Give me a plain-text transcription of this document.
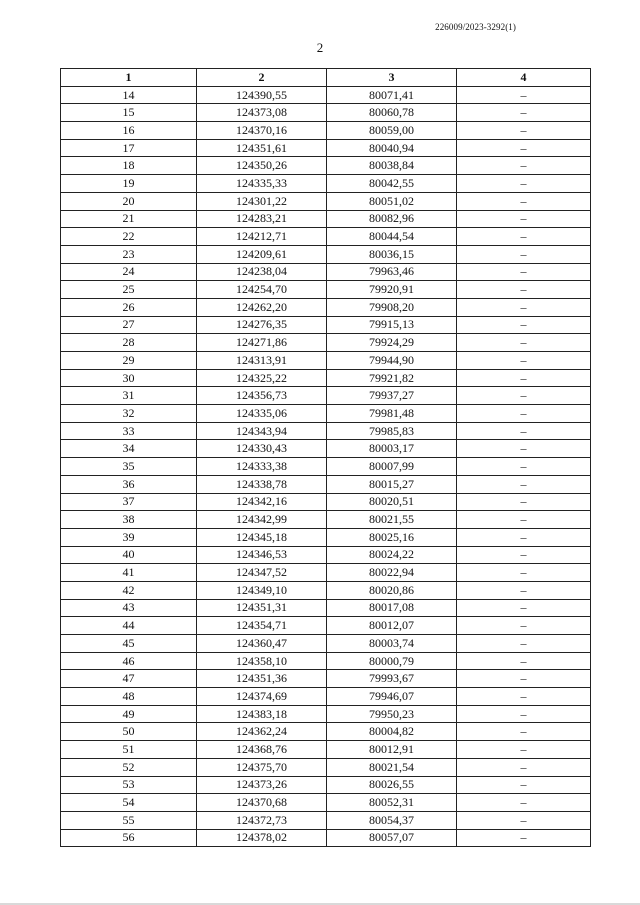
226009/2023-3292(1)
2
1	2	3	4
14	124390,55	80071,41	–
15	124373,08	80060,78	–
16	124370,16	80059,00	–
17	124351,61	80040,94	–
18	124350,26	80038,84	–
19	124335,33	80042,55	–
20	124301,22	80051,02	–
21	124283,21	80082,96	–
22	124212,71	80044,54	–
23	124209,61	80036,15	–
24	124238,04	79963,46	–
25	124254,70	79920,91	–
26	124262,20	79908,20	–
27	124276,35	79915,13	–
28	124271,86	79924,29	–
29	124313,91	79944,90	–
30	124325,22	79921,82	–
31	124356,73	79937,27	–
32	124335,06	79981,48	–
33	124343,94	79985,83	–
34	124330,43	80003,17	–
35	124333,38	80007,99	–
36	124338,78	80015,27	–
37	124342,16	80020,51	–
38	124342,99	80021,55	–
39	124345,18	80025,16	–
40	124346,53	80024,22	–
41	124347,52	80022,94	–
42	124349,10	80020,86	–
43	124351,31	80017,08	–
44	124354,71	80012,07	–
45	124360,47	80003,74	–
46	124358,10	80000,79	–
47	124351,36	79993,67	–
48	124374,69	79946,07	–
49	124383,18	79950,23	–
50	124362,24	80004,82	–
51	124368,76	80012,91	–
52	124375,70	80021,54	–
53	124373,26	80026,55	–
54	124370,68	80052,31	–
55	124372,73	80054,37	–
56	124378,02	80057,07	–
